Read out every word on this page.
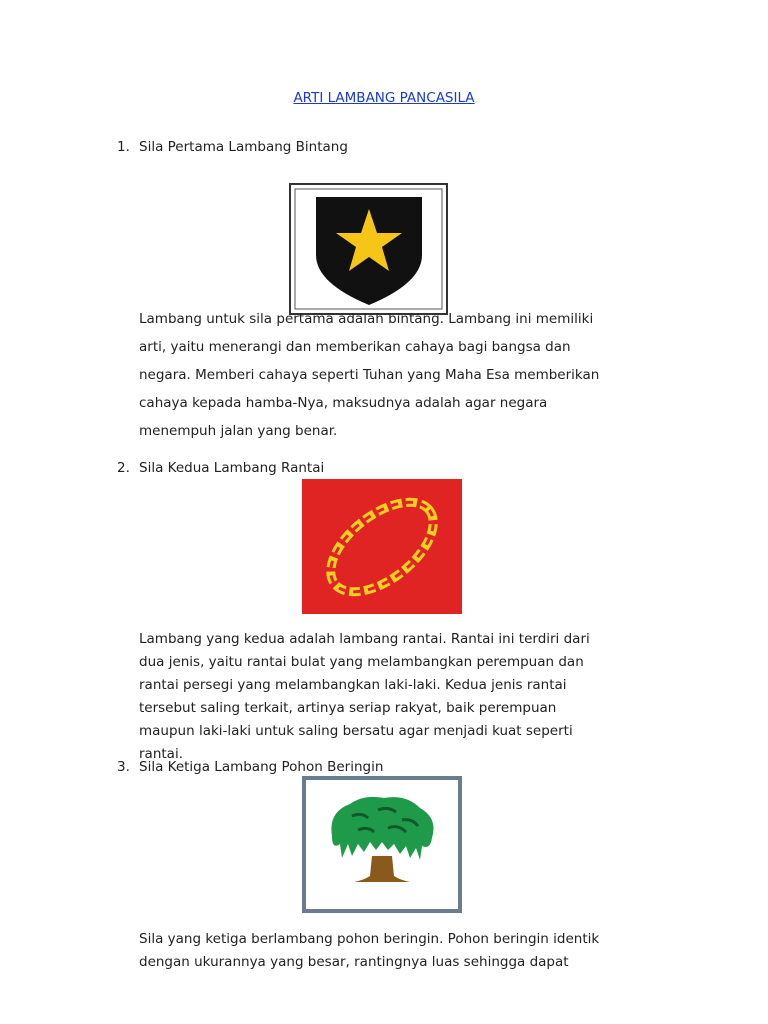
ARTI LAMBANG PANCASILA
1. Sila Pertama Lambang Bintang
Lambang untuk sila pertama adalah bintang. Lambang ini memiliki
arti, yaitu menerangi dan memberikan cahaya bagi bangsa dan
negara. Memberi cahaya seperti Tuhan yang Maha Esa memberikan
cahaya kepada hamba-Nya, maksudnya adalah agar negara
menempuh jalan yang benar.
2. Sila Kedua Lambang Rantai
Lambang yang kedua adalah lambang rantai. Rantai ini terdiri dari
dua jenis, yaitu rantai bulat yang melambangkan perempuan dan
rantai persegi yang melambangkan laki-laki. Kedua jenis rantai
tersebut saling terkait, artinya seriap rakyat, baik perempuan
maupun laki-laki untuk saling bersatu agar menjadi kuat seperti
rantai.
3. Sila Ketiga Lambang Pohon Beringin
Sila yang ketiga berlambang pohon beringin. Pohon beringin identik
dengan ukurannya yang besar, rantingnya luas sehingga dapat
